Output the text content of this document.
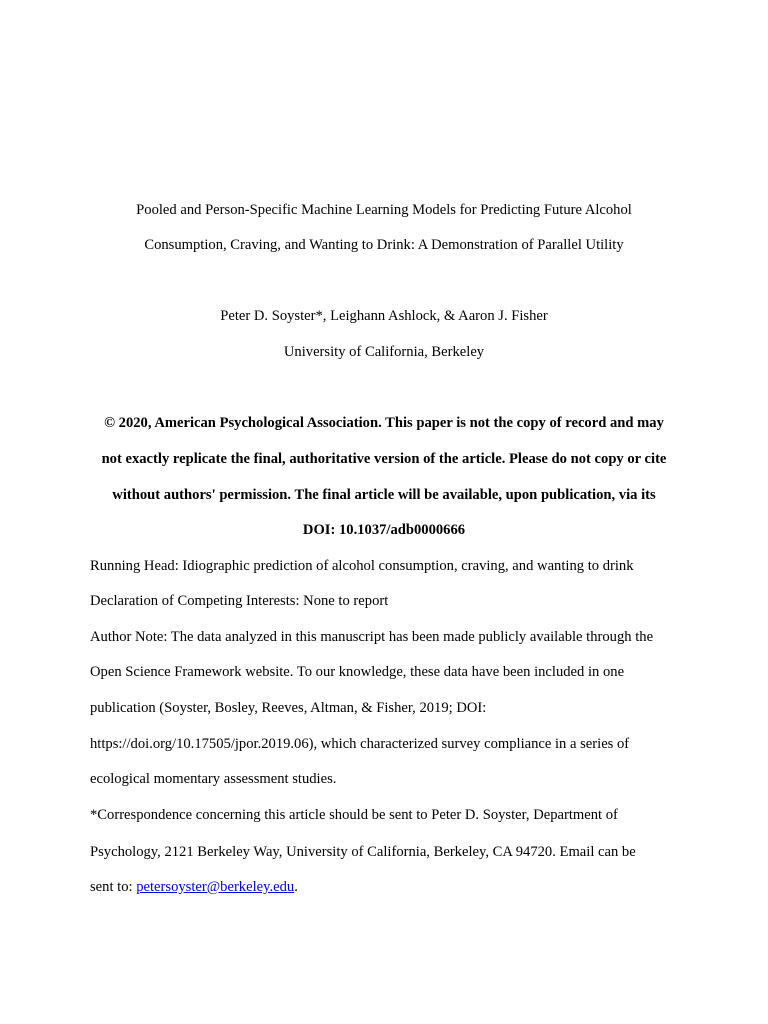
Pooled and Person-Specific Machine Learning Models for Predicting Future Alcohol
Consumption, Craving, and Wanting to Drink: A Demonstration of Parallel Utility
Peter D. Soyster*, Leighann Ashlock, & Aaron J. Fisher
University of California, Berkeley
© 2020, American Psychological Association. This paper is not the copy of record and may
not exactly replicate the final, authoritative version of the article. Please do not copy or cite
without authors' permission. The final article will be available, upon publication, via its
DOI: 10.1037/adb0000666
Running Head: Idiographic prediction of alcohol consumption, craving, and wanting to drink
Declaration of Competing Interests: None to report
Author Note: The data analyzed in this manuscript has been made publicly available through the
Open Science Framework website. To our knowledge, these data have been included in one
publication (Soyster, Bosley, Reeves, Altman, & Fisher, 2019; DOI:
https://doi.org/10.17505/jpor.2019.06), which characterized survey compliance in a series of
ecological momentary assessment studies.
*Correspondence concerning this article should be sent to Peter D. Soyster, Department of
Psychology, 2121 Berkeley Way, University of California, Berkeley, CA 94720. Email can be
sent to: petersoyster@berkeley.edu.
